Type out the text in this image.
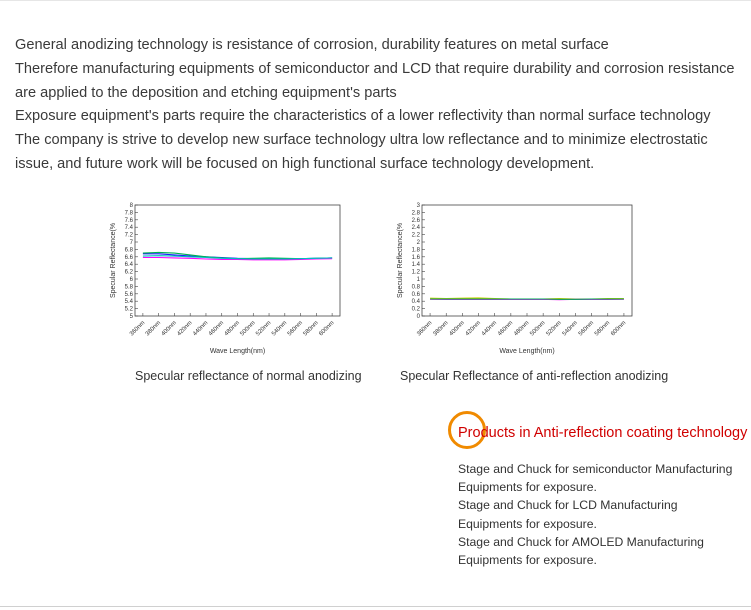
General anodizing technology is resistance of corrosion, durability features on metal surface

Therefore manufacturing equipments of semiconductor and LCD that require durability and corrosion resistance are applied to the deposition and etching equipment's parts

Exposure equipment's parts require the characteristics of a lower reflectivity than normal surface technology

The company is strive to develop new surface technology ultra low reflectance and to minimize electrostatic issue, and future work will be focused on high functional surface technology development.

5
5.2
5.4
5.6
5.8
6
6.2
6.4
6.6
6.8
7
7.2
7.4
7.6
7.8
8
360nm
380nm
400nm
420nm
440nm
460nm
480nm
500nm
520nm
540nm
560nm
580nm
600nm
Wave Length(nm)
Specular Reflectance(%
0
0.2
0.4
0.6
0.8
1
1.2
1.4
1.6
1.8
2
2.2
2.4
2.6
2.8
3
360nm
380nm
400nm
420nm
440nm
460nm
480nm
500nm
520nm
540nm
560nm
580nm
600nm
Wave Length(nm)
Specular Reflectance(%
Specular reflectance of normal anodizing	Specular Reflectance of anti-reflection anodizing
Products in Anti-reflection coating technology
Stage and Chuck for semiconductor Manufacturing
Equipments for exposure.
Stage and Chuck for LCD Manufacturing
Equipments for exposure.
Stage and Chuck for AMOLED Manufacturing
Equipments for exposure.
